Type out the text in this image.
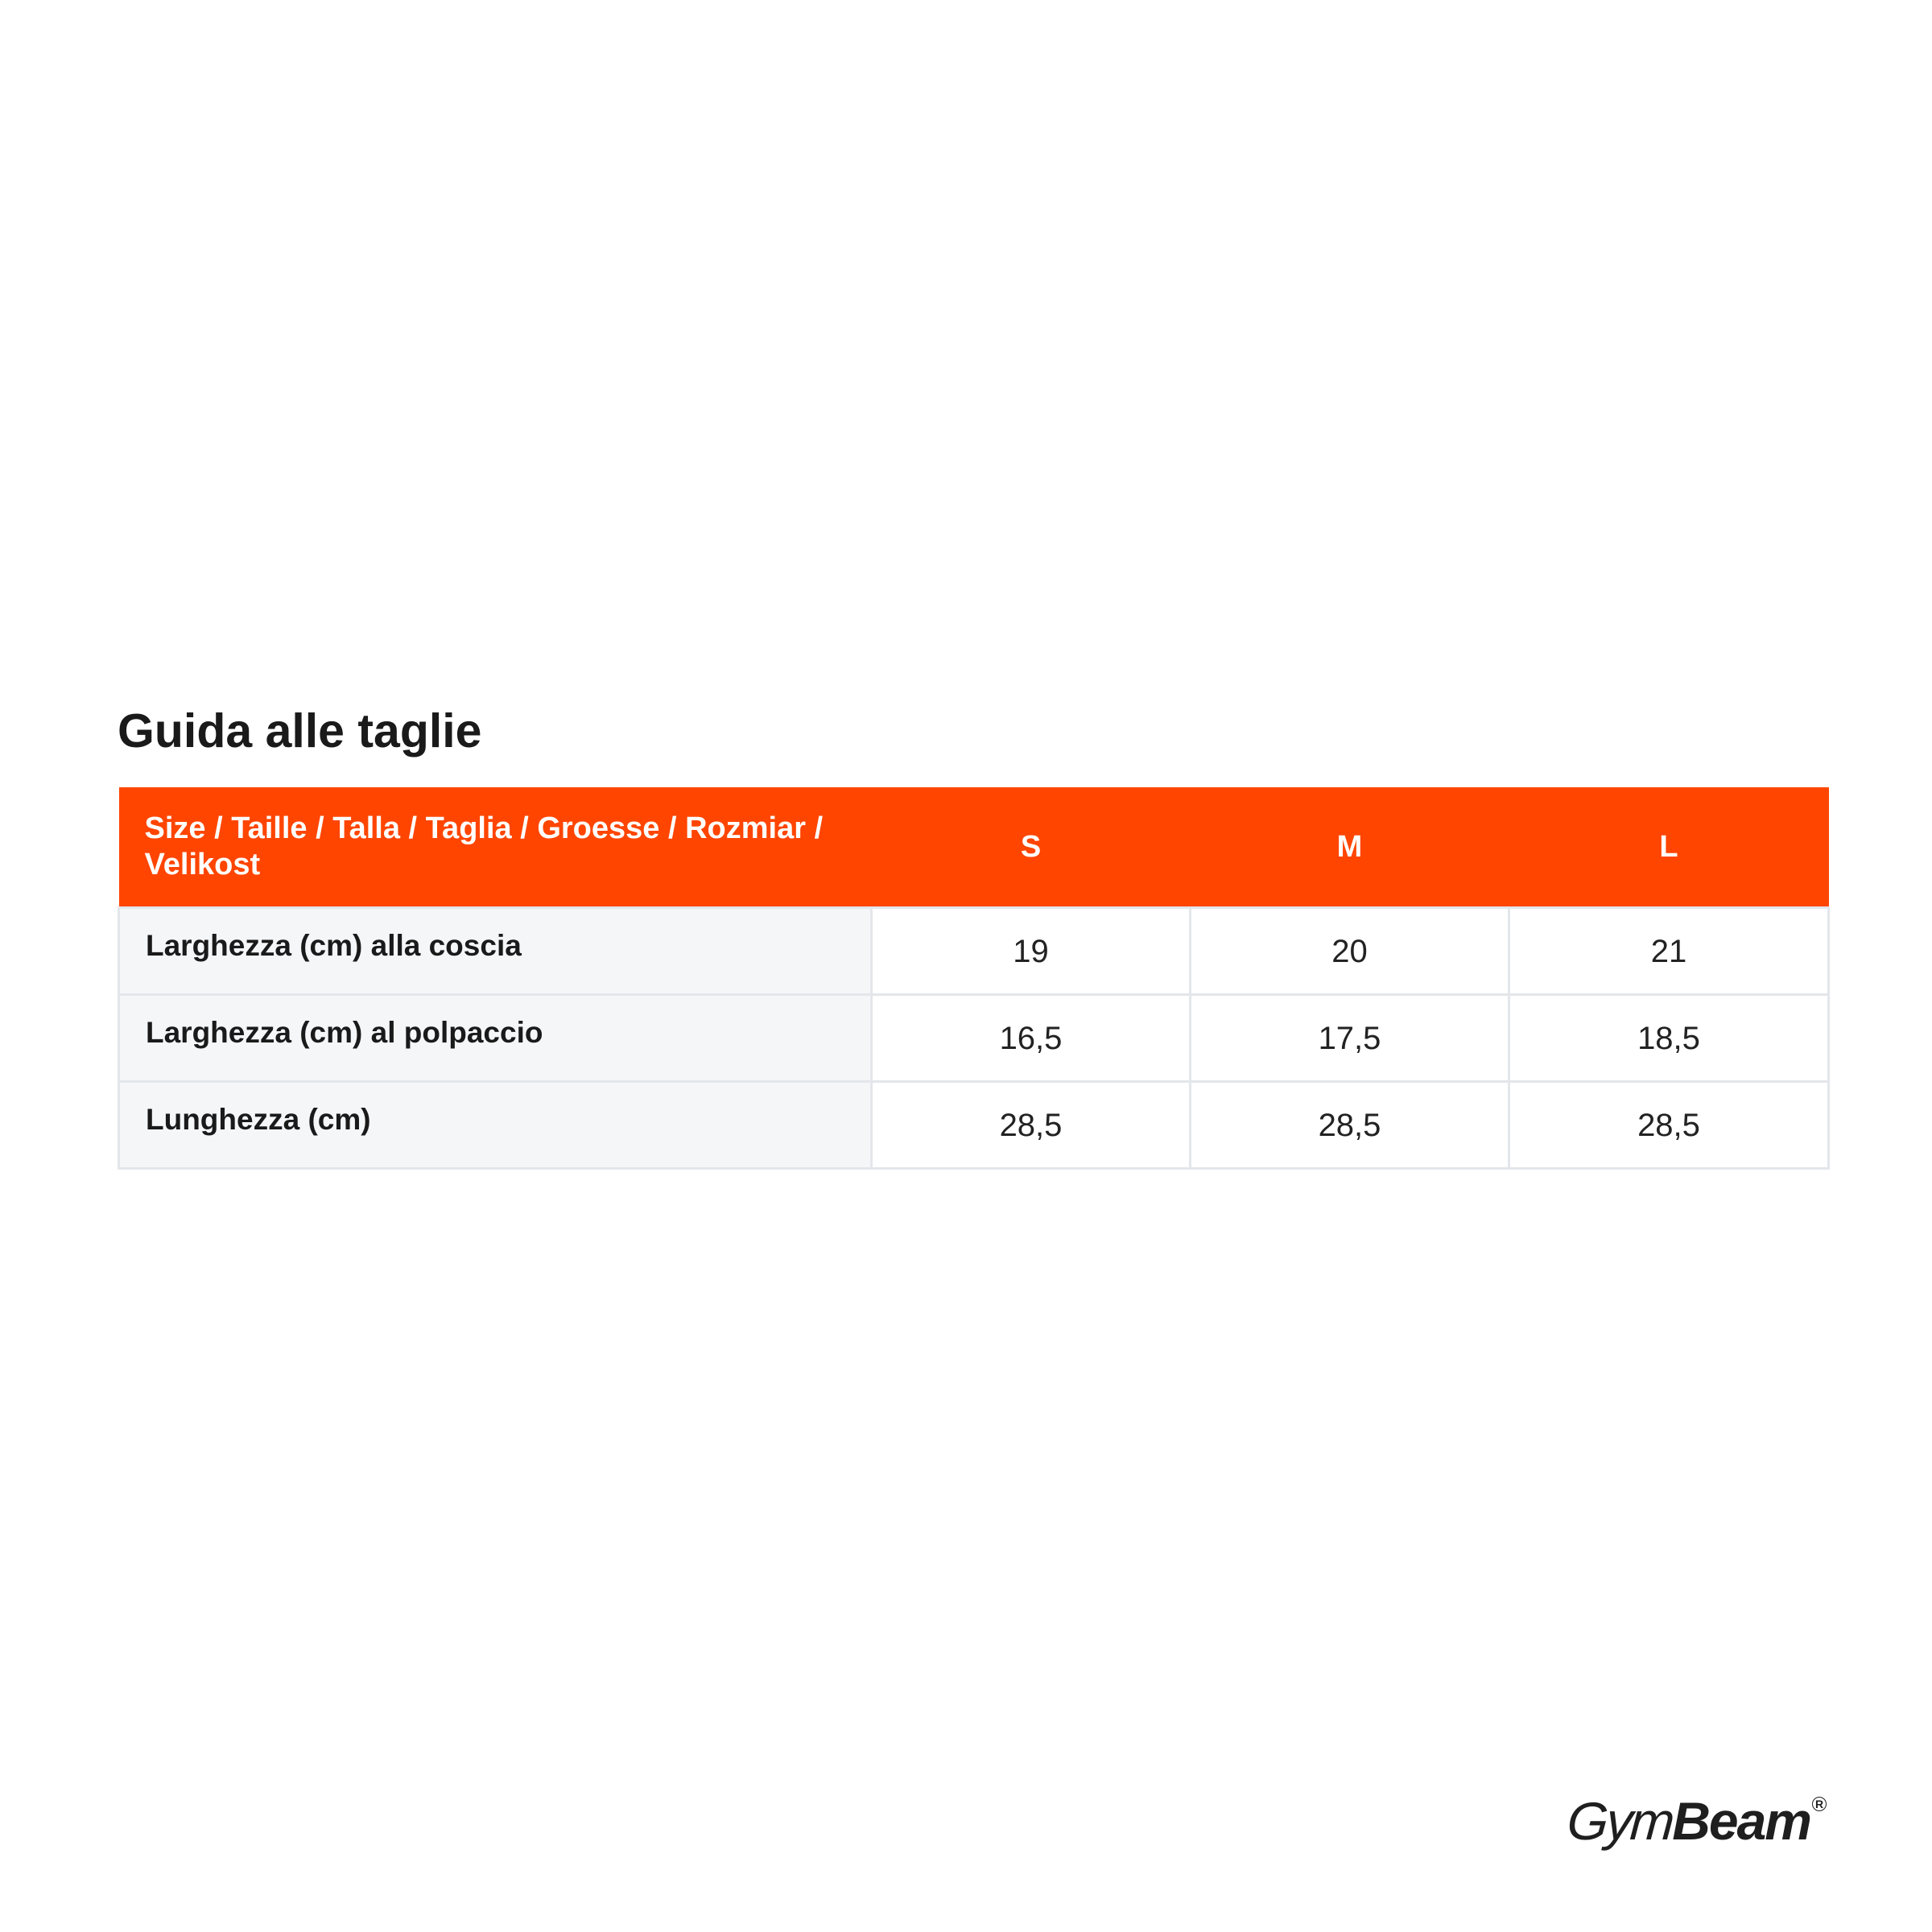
Guida alle taglie
Size / Taille / Talla / Taglia / Groesse / Rozmiar / Velikost	S	M	L
Larghezza (cm) alla coscia	19	20	21
Larghezza (cm) al polpaccio	16,5	17,5	18,5
Lunghezza (cm)	28,5	28,5	28,5
Gym
Beam R
